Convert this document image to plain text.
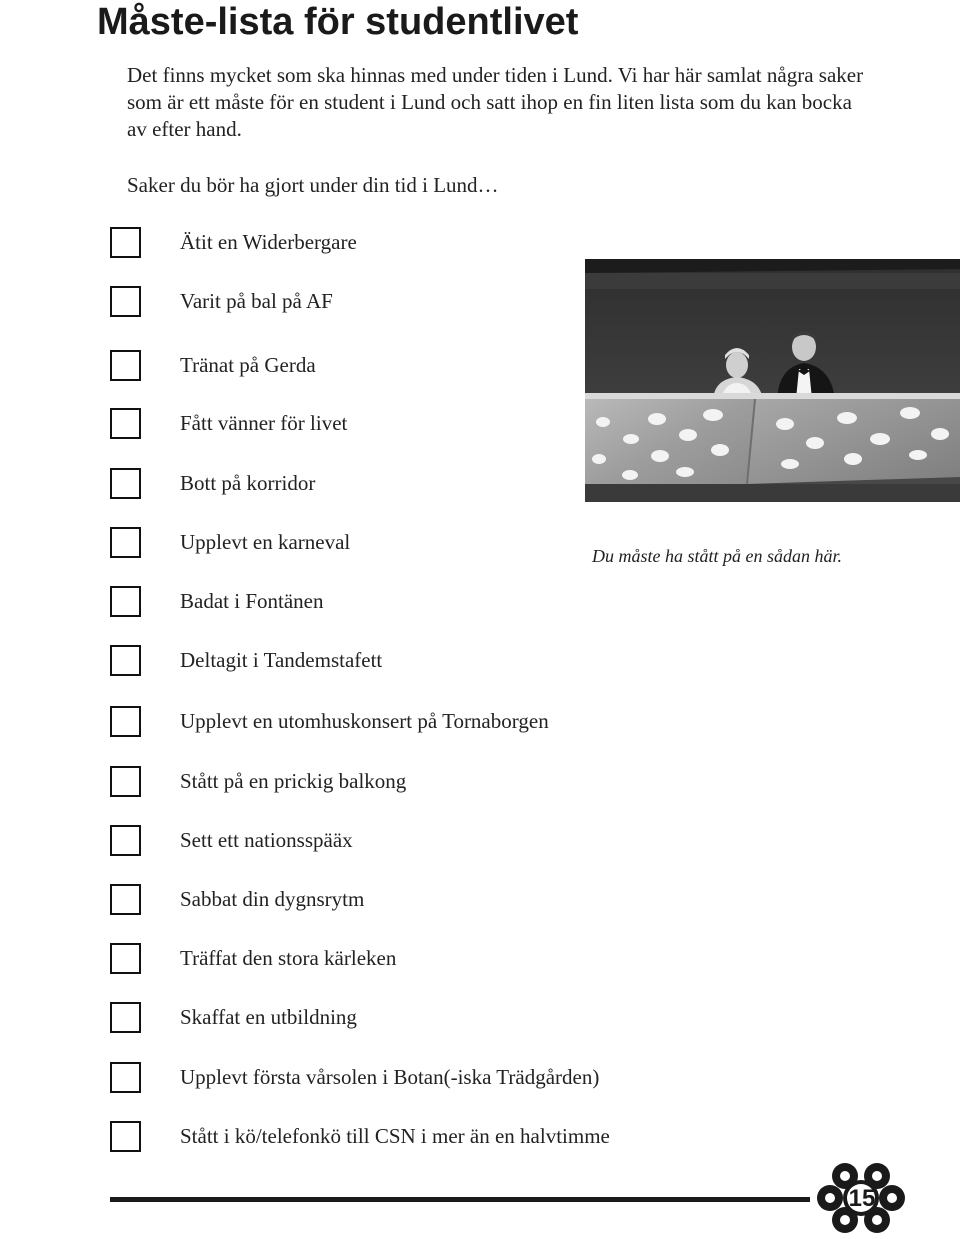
Måste-lista för studentlivet

Det finns mycket som ska hinnas med under tiden i Lund. Vi har här samlat några saker som är ett måste för en student i Lund och satt ihop en fin liten lista som du kan bocka av efter hand.

Saker du bör ha gjort under din tid i Lund…

Ätit en Widerbergare
Varit på bal på AF
Tränat på Gerda
Fått vänner för livet
Bott på korridor
Upplevt en karneval
Badat i Fontänen
Deltagit i Tandemstafett
Upplevt en utomhuskonsert på Tornaborgen
Stått på en prickig balkong
Sett ett nationsspääx
Sabbat din dygnsrytm
Träffat den stora kärleken
Skaffat en utbildning
Upplevt första vårsolen i Botan(-iska Trädgården)
Stått i kö/telefonkö till CSN i mer än en halvtimme

Du måste ha stått på en sådan här.

15
